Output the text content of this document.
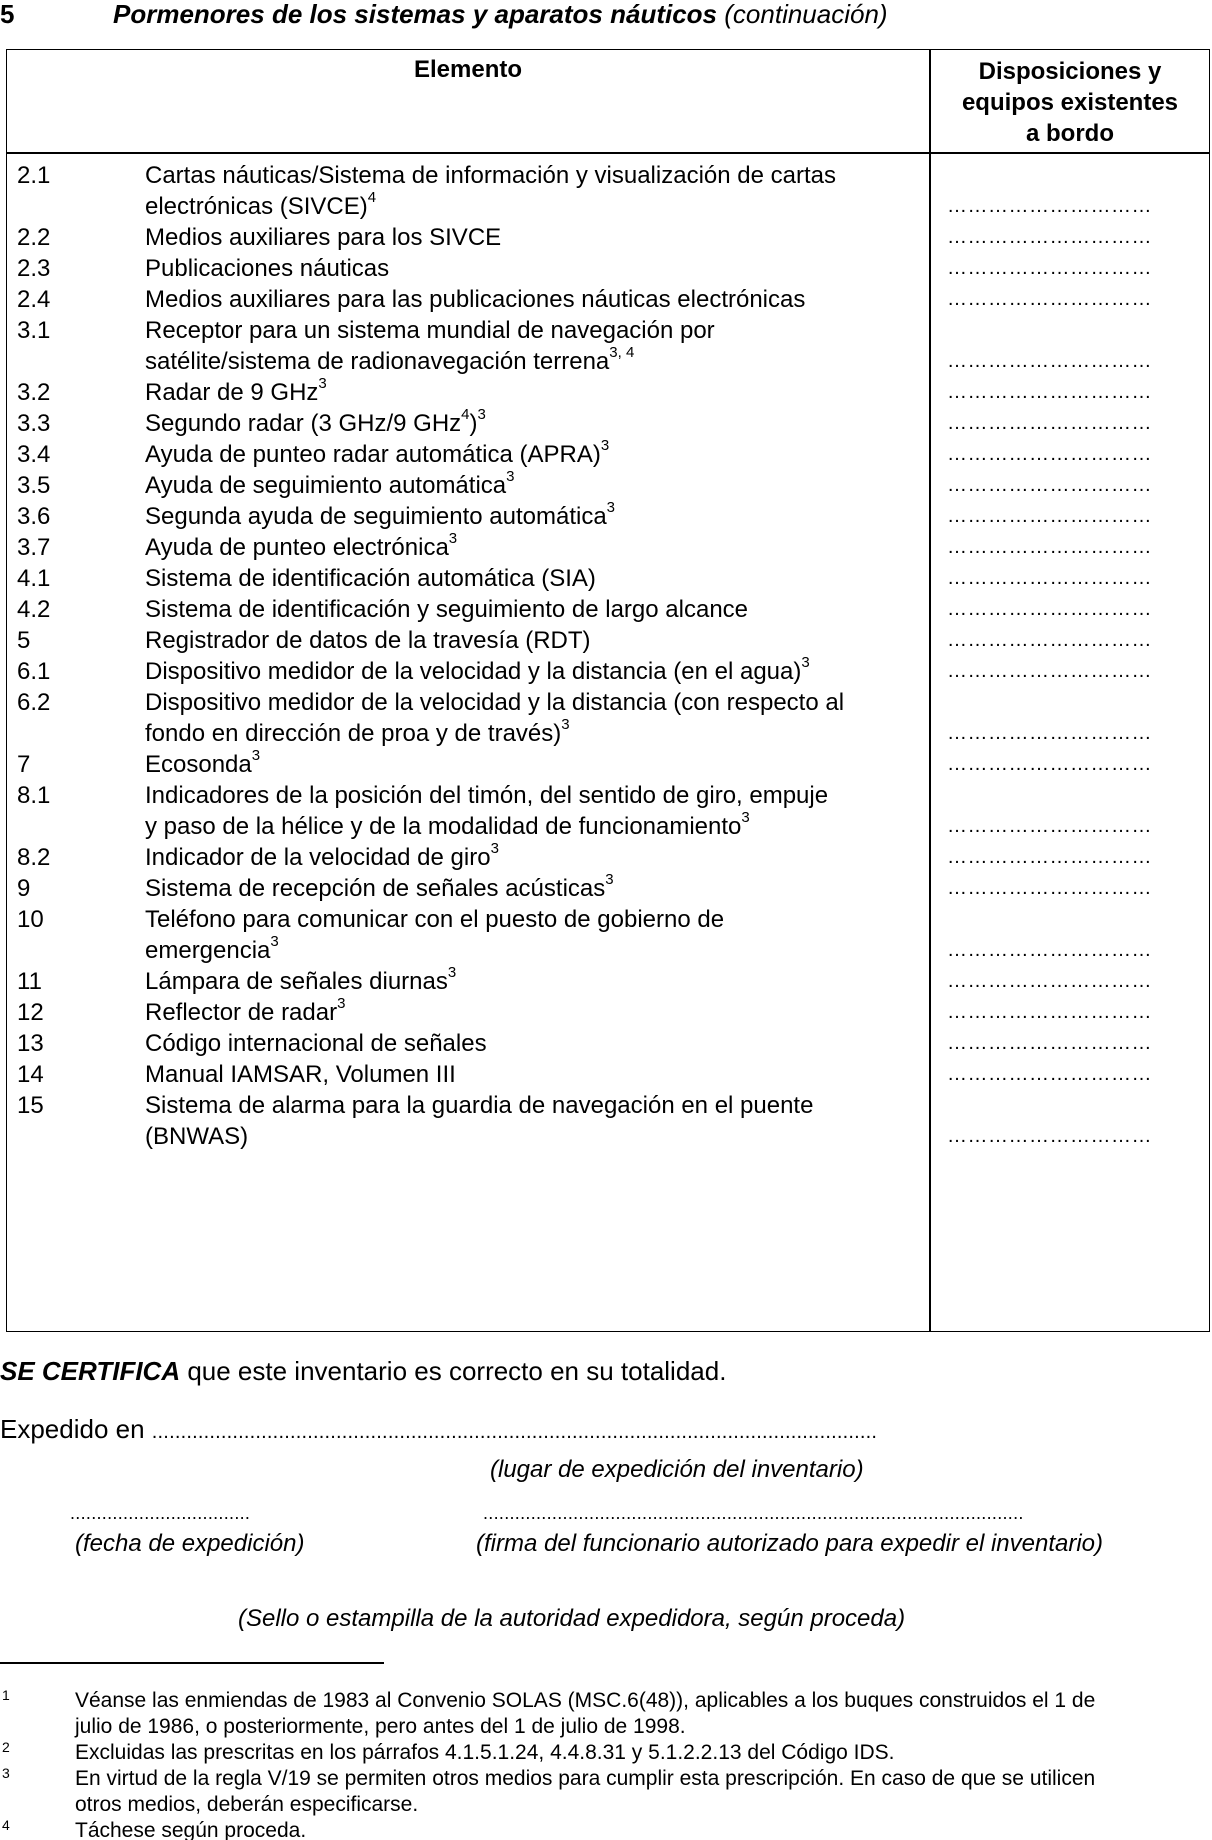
5	Pormenores de los sistemas y aparatos náuticos (continuación)
Elemento	Disposiciones y
equipos existentes
a bordo
2.1	Cartas náuticas/Sistema de información y visualización de cartas
electrónicas (SIVCE)$^4$	…………………………
2.2	Medios auxiliares para los SIVCE	…………………………
2.3	Publicaciones náuticas	…………………………
2.4	Medios auxiliares para las publicaciones náuticas electrónicas	…………………………
3.1	Receptor para un sistema mundial de navegación por
satélite/sistema de radionavegación terrena$^{3, 4}$	…………………………
3.2	Radar de 9 GHz$^3$	…………………………
3.3	Segundo radar (3 GHz/9 GHz$^4$)$^3$	…………………………
3.4	Ayuda de punteo radar automática (APRA)$^3$	…………………………
3.5	Ayuda de seguimiento automática$^3$	…………………………
3.6	Segunda ayuda de seguimiento automática$^3$	…………………………
3.7	Ayuda de punteo electrónica$^3$	…………………………
4.1	Sistema de identificación automática (SIA)	…………………………
4.2	Sistema de identificación y seguimiento de largo alcance	…………………………
5	Registrador de datos de la travesía (RDT)	…………………………
6.1	Dispositivo medidor de la velocidad y la distancia (en el agua)$^3$	…………………………
6.2	Dispositivo medidor de la velocidad y la distancia (con respecto al
fondo en dirección de proa y de través)$^3$	…………………………
7	Ecosonda$^3$	…………………………
8.1	Indicadores de la posición del timón, del sentido de giro, empuje
y paso de la hélice y de la modalidad de funcionamiento$^3$	…………………………
8.2	Indicador de la velocidad de giro$^3$	…………………………
9	Sistema de recepción de señales acústicas$^3$	…………………………
10	Teléfono para comunicar con el puesto de gobierno de
emergencia$^3$	…………………………
11	Lámpara de señales diurnas$^3$	…………………………
12	Reflector de radar$^3$	…………………………
13	Código internacional de señales	…………………………
14	Manual IAMSAR, Volumen III	…………………………
15	Sistema de alarma para la guardia de navegación en el puente
(BNWAS)	…………………………
SE CERTIFICA que este inventario es correcto en su totalidad.
Expedido en ..............................................................................................................................
(lugar de expedición del inventario)
..................................	......................................................................................................
(fecha de expedición)	(firma del funcionario autorizado para expedir el inventario)
(Sello o estampilla de la autoridad expedidora, según proceda)
1	Véanse las enmiendas de 1983 al Convenio SOLAS (MSC.6(48)), aplicables a los buques construidos el 1 de
julio de 1986, o posteriormente, pero antes del 1 de julio de 1998.
2	Excluidas las prescritas en los párrafos 4.1.5.1.24, 4.4.8.31 y 5.1.2.2.13 del Código IDS.
3	En virtud de la regla V/19 se permiten otros medios para cumplir esta prescripción. En caso de que se utilicen
otros medios, deberán especificarse.
4	Táchese según proceda.
